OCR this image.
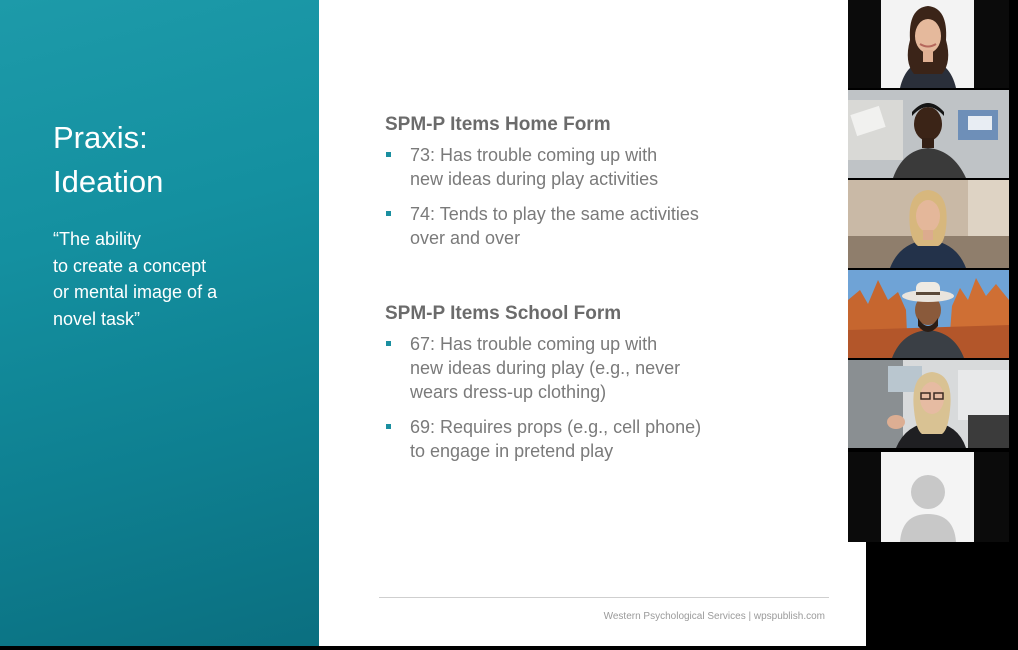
Praxis:
Ideation
“The ability
to create a concept
or mental image of a
novel task”
SPM-P Items Home Form
73: Has trouble coming up with
new ideas during play activities
74: Tends to play the same activities
over and over
SPM-P Items School Form
67: Has trouble coming up with
new ideas during play (e.g., never
wears dress-up clothing)
69: Requires props (e.g., cell phone)
to engage in pretend play
Western Psychological Services | wpspublish.com
